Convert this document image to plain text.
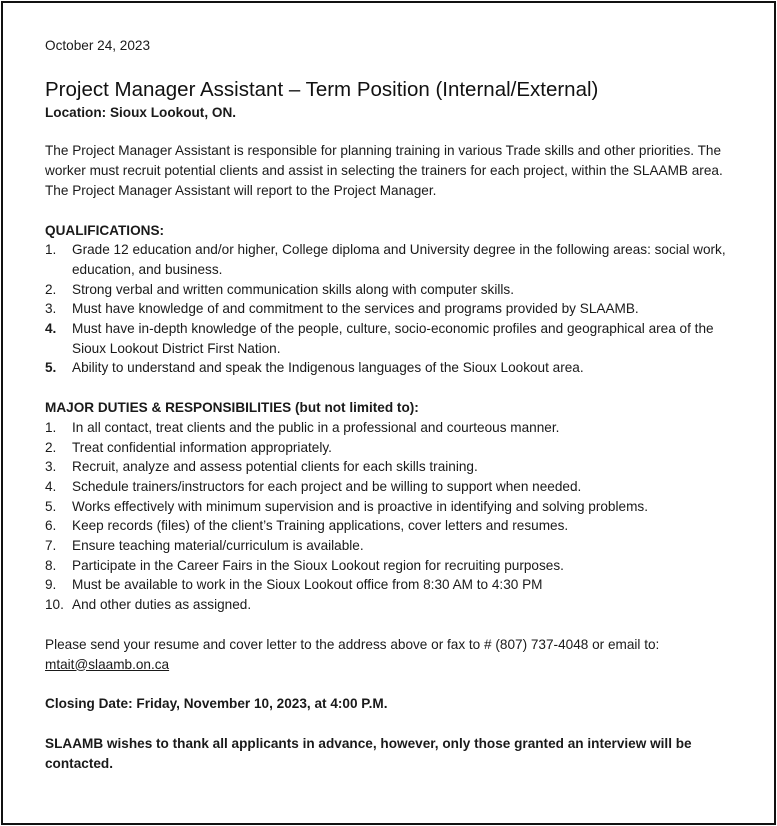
October 24, 2023

Project Manager Assistant – Term Position (Internal/External)

Location: Sioux Lookout, ON.

The Project Manager Assistant is responsible for planning training in various Trade skills and other priorities. The worker must recruit potential clients and assist in selecting the trainers for each project, within the SLAAMB area. The Project Manager Assistant will report to the Project Manager.

QUALIFICATIONS:

1. Grade 12 education and/or higher, College diploma and University degree in the following areas: social work, education, and business.
2. Strong verbal and written communication skills along with computer skills.
3. Must have knowledge of and commitment to the services and programs provided by SLAAMB.
4. Must have in-depth knowledge of the people, culture, socio-economic profiles and geographical area of the Sioux Lookout District First Nation.
5. Ability to understand and speak the Indigenous languages of the Sioux Lookout area.

MAJOR DUTIES & RESPONSIBILITIES (but not limited to):

1. In all contact, treat clients and the public in a professional and courteous manner.
2. Treat confidential information appropriately.
3. Recruit, analyze and assess potential clients for each skills training.
4. Schedule trainers/instructors for each project and be willing to support when needed.
5. Works effectively with minimum supervision and is proactive in identifying and solving problems.
6. Keep records (files) of the client’s Training applications, cover letters and resumes.
7. Ensure teaching material/curriculum is available.
8. Participate in the Career Fairs in the Sioux Lookout region for recruiting purposes.
9. Must be available to work in the Sioux Lookout office from 8:30 AM to 4:30 PM
10. And other duties as assigned.

Please send your resume and cover letter to the address above or fax to # (807) 737-4048 or email to:
mtait@slaamb.on.ca

Closing Date: Friday, November 10, 2023, at 4:00 P.M.

SLAAMB wishes to thank all applicants in advance, however, only those granted an interview will be contacted.
